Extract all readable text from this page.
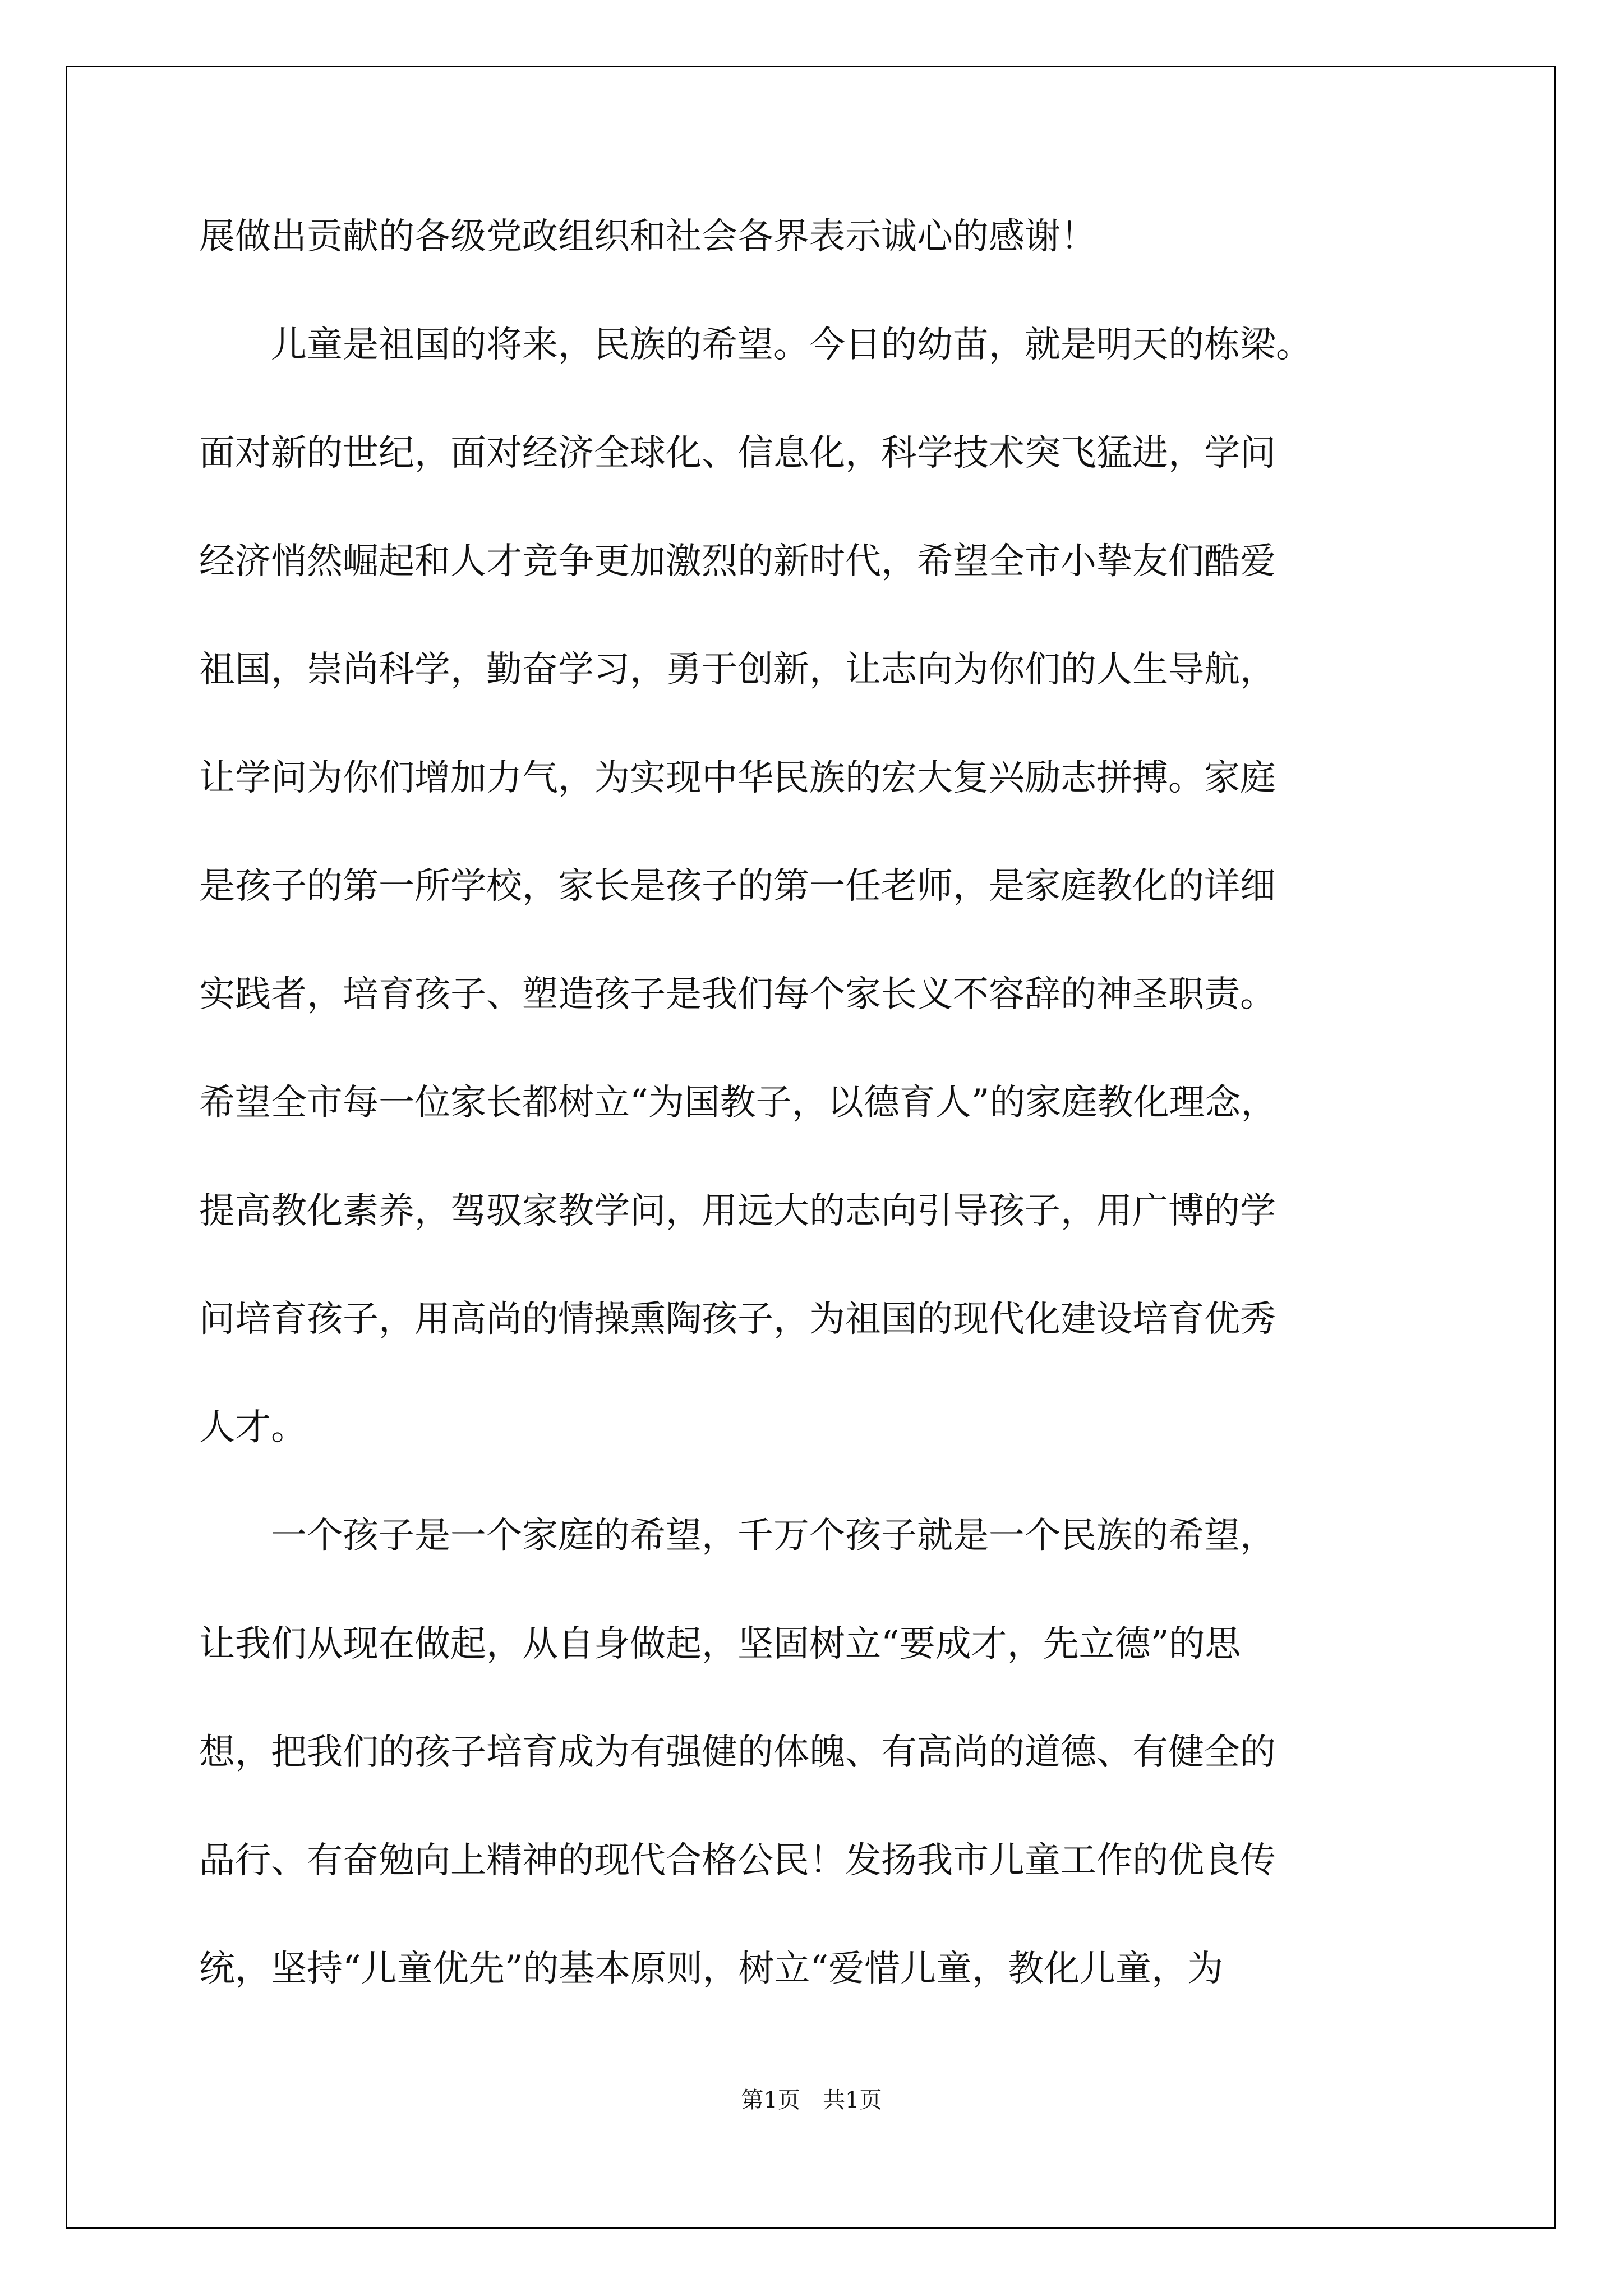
展做出贡献的各级党政组织和社会各界表示诚心的感谢！
　　儿童是祖国的将来，民族的希望。今日的幼苗，就是明天的栋梁。
面对新的世纪，面对经济全球化、信息化，科学技术突飞猛进，学问
经济悄然崛起和人才竞争更加激烈的新时代，希望全市小挚友们酷爱
祖国，崇尚科学，勤奋学习，勇于创新，让志向为你们的人生导航，
让学问为你们增加力气，为实现中华民族的宏大复兴励志拼搏。家庭
是孩子的第一所学校，家长是孩子的第一任老师，是家庭教化的详细
实践者，培育孩子、塑造孩子是我们每个家长义不容辞的神圣职责。
希望全市每一位家长都树立“为国教子，以德育人”的家庭教化理念，
提高教化素养，驾驭家教学问，用远大的志向引导孩子，用广博的学
问培育孩子，用高尚的情操熏陶孩子，为祖国的现代化建设培育优秀
人才。
　　一个孩子是一个家庭的希望，千万个孩子就是一个民族的希望，
让我们从现在做起，从自身做起，坚固树立“要成才，先立德”的思
想，把我们的孩子培育成为有强健的体魄、有高尚的道德、有健全的
品行、有奋勉向上精神的现代合格公民！发扬我市儿童工作的优良传
统，坚持“儿童优先”的基本原则，树立“爱惜儿童，教化儿童，为
第1页　共1页
